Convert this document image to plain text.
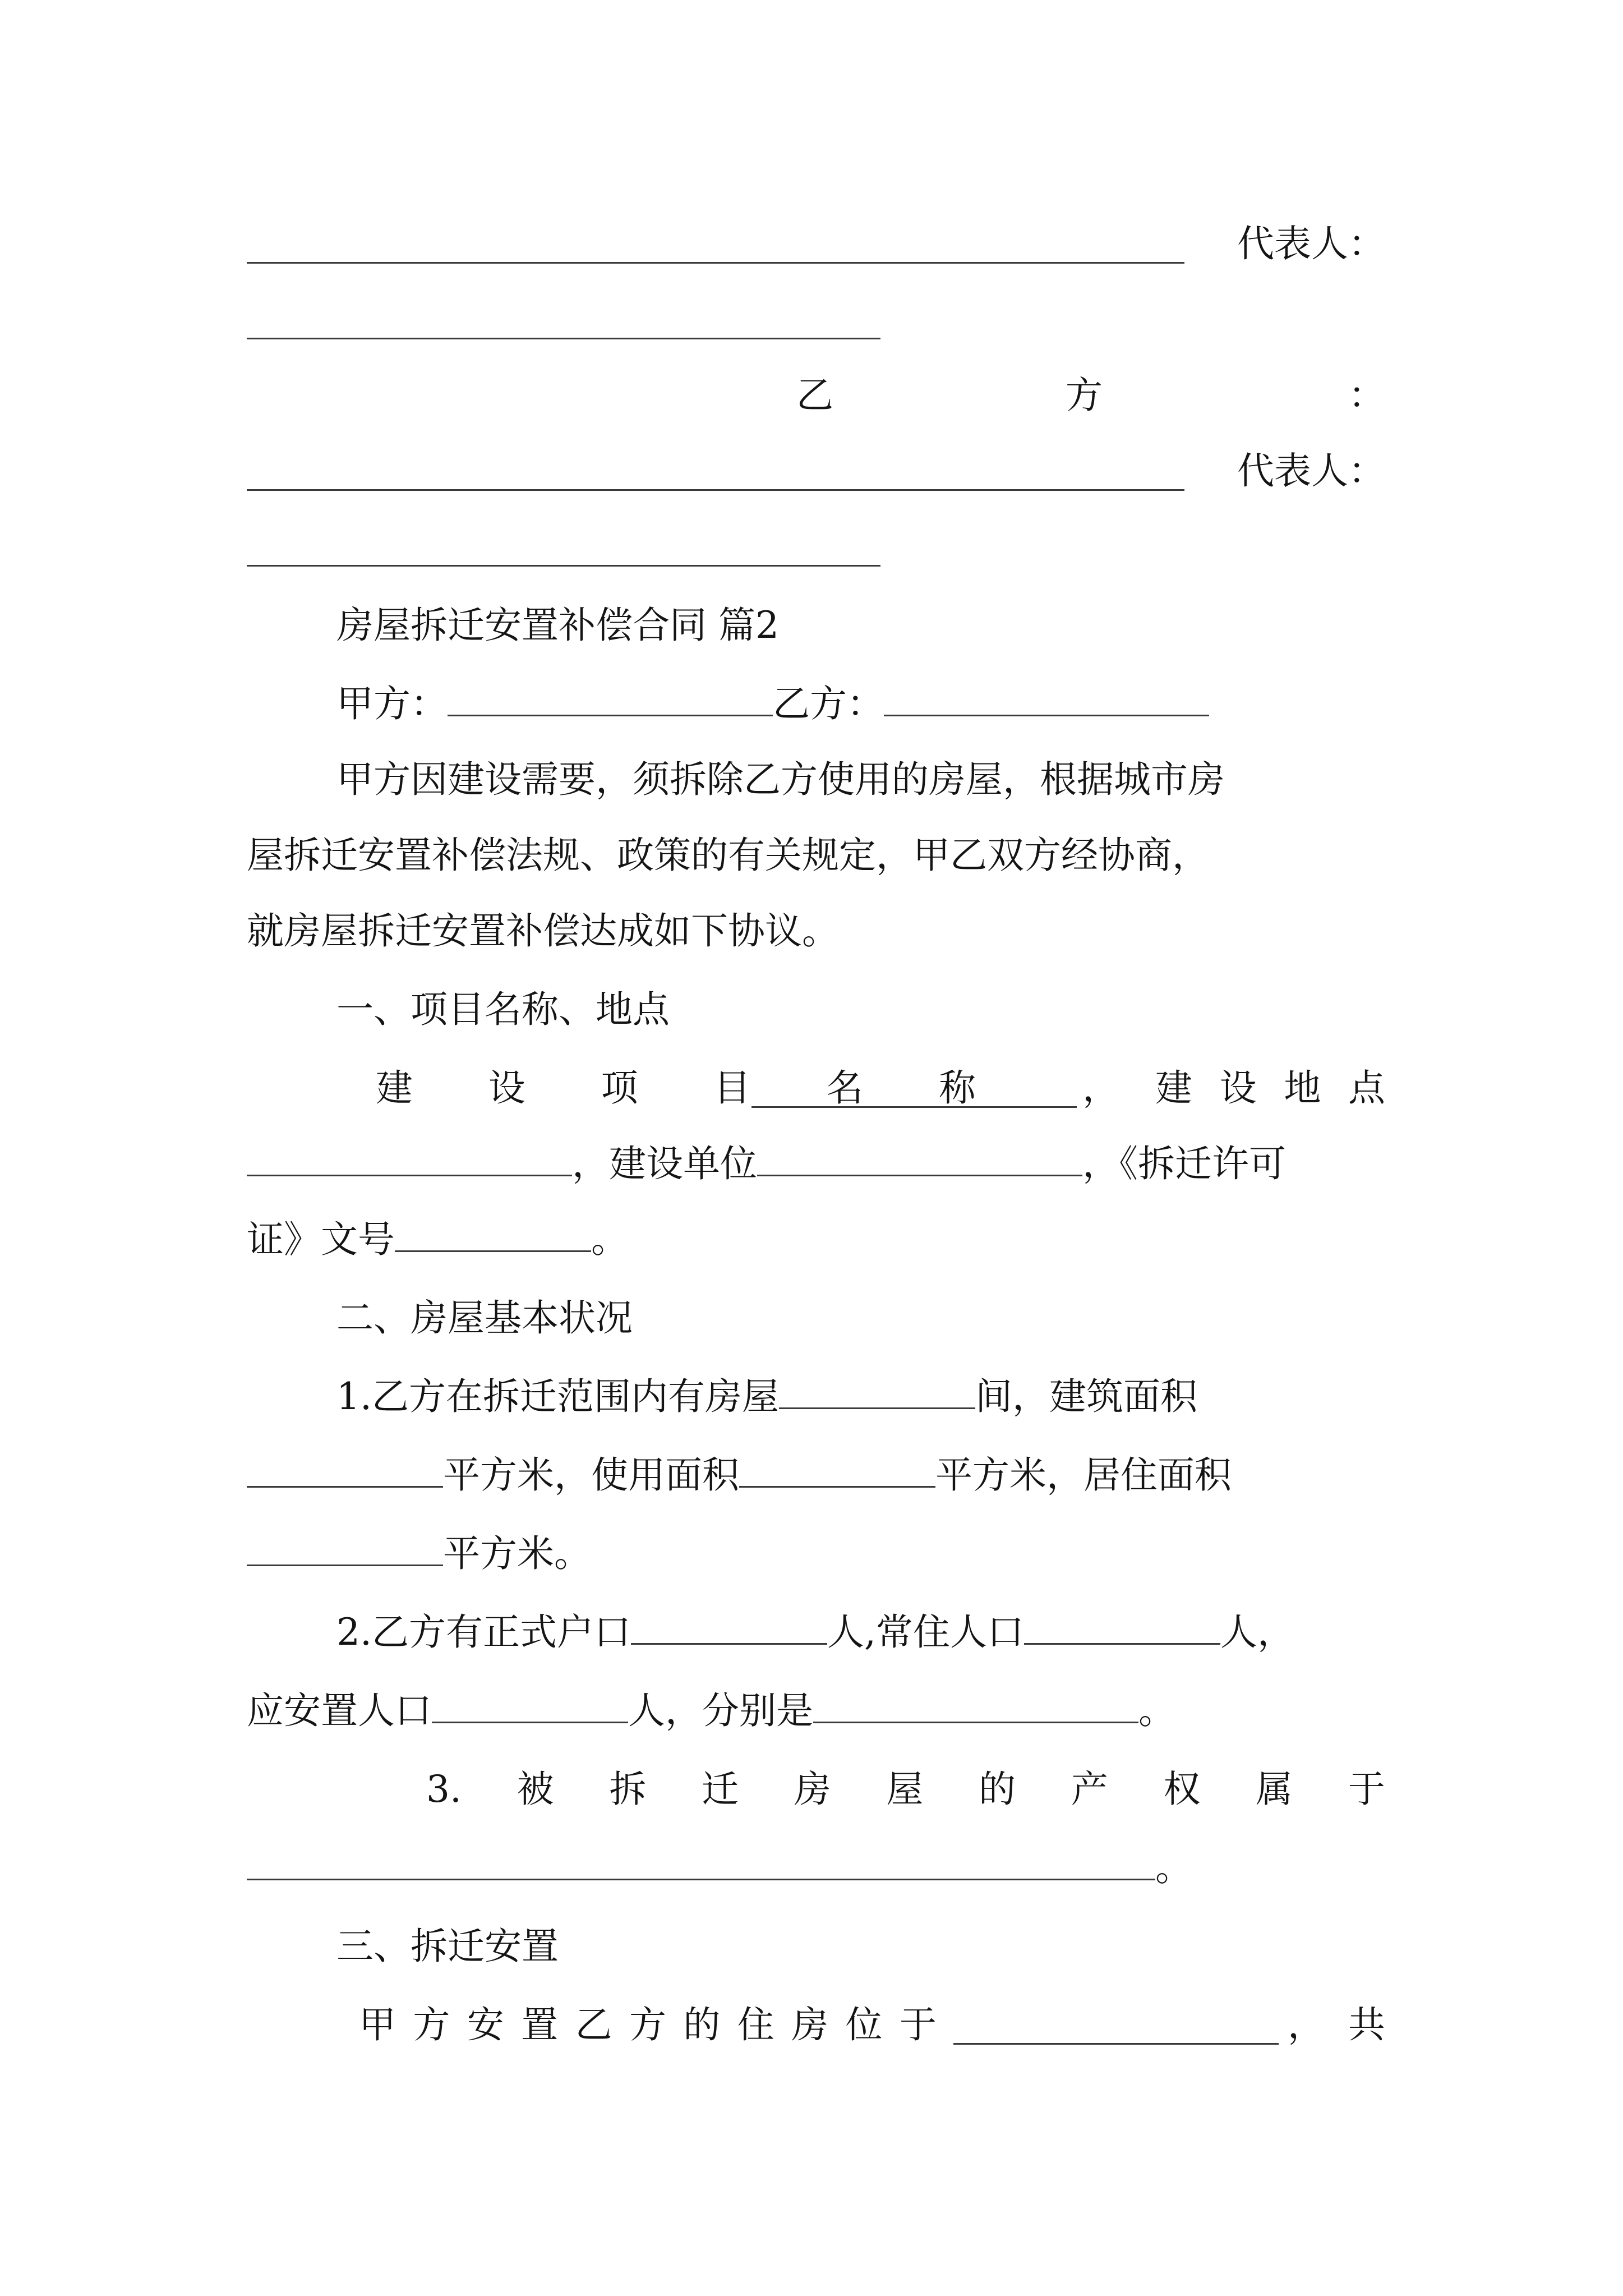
代表人：
乙	方	：
代表人：
房屋拆迁安置补偿合同 篇2
甲方：	乙方：
甲方因建设需要，须拆除乙方使用的房屋，根据城市房
屋拆迁安置补偿法规、政策的有关规定，甲乙双方经协商，
就房屋拆迁安置补偿达成如下协议。
一、项目名称、地点
建 设 项 目 名 称	， 建 设 地 点
，建设单位	，《拆迁许可
证》文号	。
二、房屋基本状况
1.乙方在拆迁范围内有房屋	间，建筑面积
平方米，使用面积	平方米，居住面积
平方米。
2.乙方有正式户口	人,常住人口	人，
应安置人口	人，分别是	。
3. 被 拆 迁 房 屋 的 产 权 属 于
。
三、拆迁安置
甲 方 安 置 乙 方 的 住 房 位 于	，  共
